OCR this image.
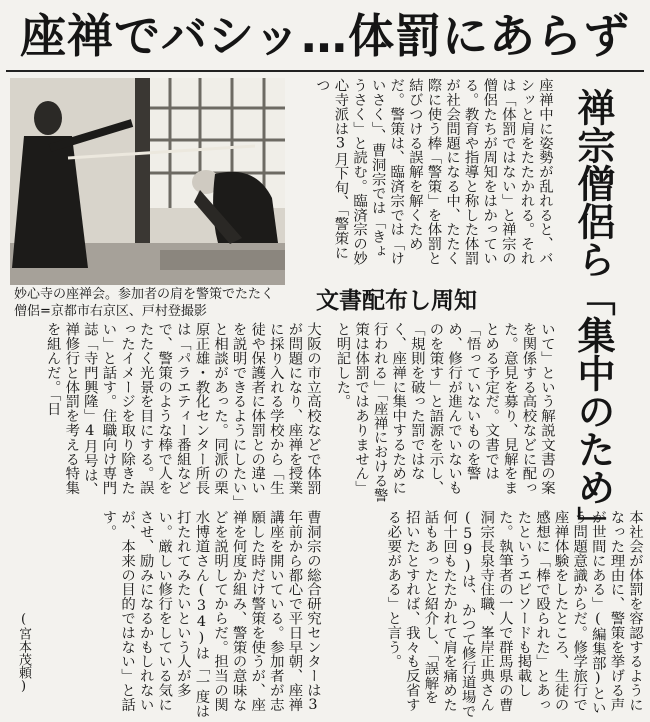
座禅でバシッ…体罰にあらず
妙心寺の座禅会。参加者の肩を警策でたたく僧侶=京都市右京区、戸村登撮影	禅宗僧侶ら「集中のため」
文書配布し周知
座禅中に姿勢が乱れると、バシッと肩をたたかれる。それは「体罰ではない」と禅宗の僧侶たちが周知をはかっている。教育や指導と称した体罰が社会問題になる中、たたく際に使う棒「警策」を体罰と結びつける誤解を解くためだ。警策は、臨済宗では「けいさく」、曹洞宗では「きょうさく」と読む。臨済宗の妙心寺派は3月下旬、「警策につ
いて」という解説文書の案を関係する高校などに配った。意見を募り、見解をまとめる予定だ。文書では「悟っていないものを警め、修行が進んでいないものを策す」と語源を示し、「規則を破った罰ではなく、座禅に集中するために行われる」「座禅における警策は体罰ではありません」と明記した。
大阪の市立高校などで体罰が問題になり、座禅を授業に採り入れる学校から「生徒や保護者に体罰との違いを説明できるようにしたい」と相談があった。同派の栗原正雄・教化センター所長は「パラエティー番組などで、警策のような棒で人をたたく光景を目にする。誤ったイメージを取り除きたい」と話す。住職向け専門誌「寺門興隆」4月号は、禅修行と体罰を考える特集を組んだ。「日
本社会が体罰を容認するようになった理由に、警策を挙げる声が世間にある」(編集部)という問題意識からだ。修学旅行で座禅体験をしたところ、生徒の感想に「棒で殴られた」とあったというエピソードも掲載した。執筆者の一人で群馬県の曹洞宗長泉寺住職、峯岸正典さん(59)は、かつて修行道場で何十回もたたかれて肩を痛めた話もあったと紹介し、「誤解を招いたとすれば、我々も反省する必要がある」と言う。
曹洞宗の総合研究センターは3年前から都心で平日早朝、座禅講座を開いている。参加者が志願した時だけ警策を使うが、座禅を何度か組み、警策の意味などを説明してからだ。担当の関水博道さん(34)は「一度は打たれてみたいという人が多い。厳しい修行をしている気にさせ、励みになるかもしれないが、本来の目的ではない」と話す。
(宮本茂頼)
